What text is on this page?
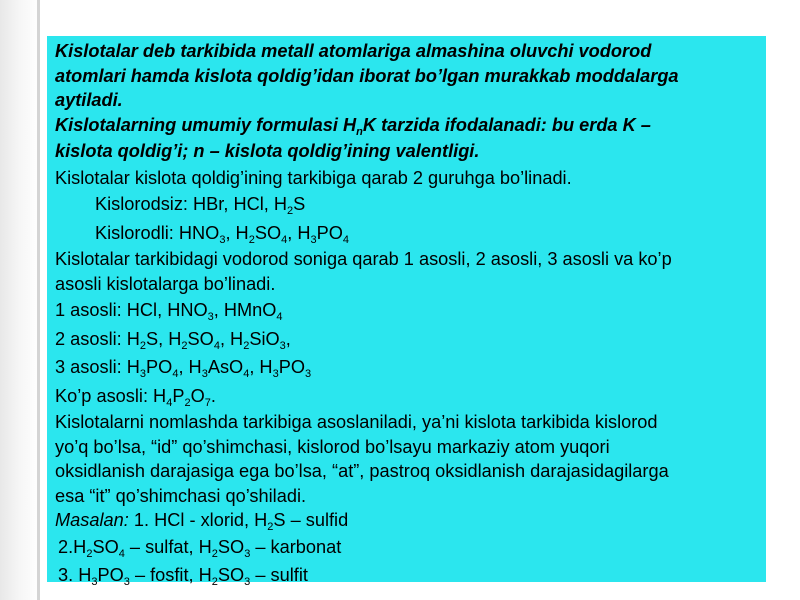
Kislotalar deb tarkibida metall atomlariga almashina oluvchi vodorod
atomlari hamda kislota qoldig’idan iborat bo’lgan murakkab moddalarga
aytiladi.
Kislotalarning umumiy formulasi $H_nK$ tarzida ifodalanadi: bu erda K –
kislota qoldig’i; n – kislota qoldig’ining valentligi.
Kislotalar kislota qoldig’ining tarkibiga qarab 2 guruhga bo’linadi.
Kislorodsiz: HBr, HCl, $H_2S$
Kislorodli: $HNO_3$, $H_2SO_4$, $H_3PO_4$
Kislotalar tarkibidagi vodorod soniga qarab 1 asosli, 2 asosli, 3 asosli va ko’p
asosli kislotalarga bo’linadi.
1 asosli: HCl, $HNO_3$, HMnO$_4$
2 asosli: $H_2S$, $H_2SO_4$, $H_2SiO_3$,
3 asosli: $H_3PO_4$, $H_3AsO_4$, $H_3PO_3$
Ko’p asosli: $H_4P_2O_7$.
Kislotalarni nomlashda tarkibiga asoslaniladi, ya’ni kislota tarkibida kislorod
yo’q bo’lsa, “id” qo’shimchasi, kislorod bo’lsayu markaziy atom yuqori
oksidlanish darajasiga ega bo’lsa, “at”, pastroq oksidlanish darajasidagilarga
esa “it” qo’shimchasi qo’shiladi.
Masalan: 1. HCl - xlorid, $H_2S$ – sulfid
$2.H_2SO_4$ – sulfat, $H_2SO_3$ – karbonat
3. $H_3PO_3$ – fosfit, $H_2SO_3$ – sulfit
